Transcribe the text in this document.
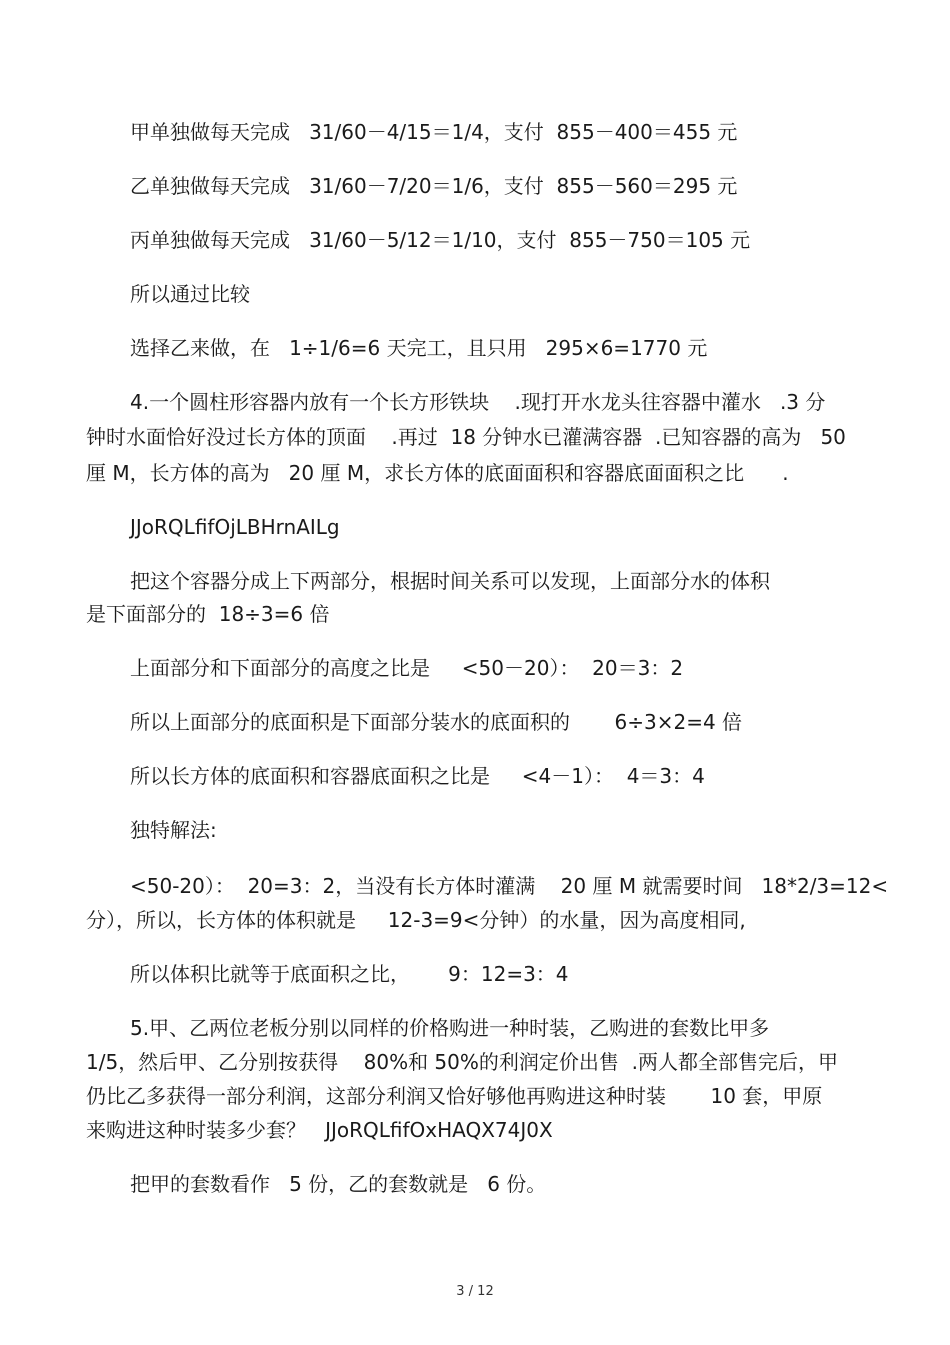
甲单独做每天完成   31/60－4/15＝1/4，支付  855－400＝455 元
乙单独做每天完成   31/60－7/20＝1/6，支付  855－560＝295 元
丙单独做每天完成   31/60－5/12＝1/10，支付  855－750＝105 元
所以通过比较
选择乙来做，在   1÷1/6=6 天完工，且只用   295×6=1770 元
4.一个圆柱形容器内放有一个长方形铁块    .现打开水龙头往容器中灌水   .3 分
钟时水面恰好没过长方体的顶面    .再过  18 分钟水已灌满容器  .已知容器的高为   50
厘 M，长方体的高为   20 厘 M，求长方体的底面面积和容器底面面积之比      .
JJoRQLfifOjLBHrnAILg
把这个容器分成上下两部分，根据时间关系可以发现，上面部分水的体积
是下面部分的  18÷3=6 倍
上面部分和下面部分的高度之比是     <50－20）：  20＝3：2
所以上面部分的底面积是下面部分装水的底面积的       6÷3×2=4 倍
所以长方体的底面积和容器底面积之比是     <4－1）：  4＝3：4
独特解法:
<50-20）：  20=3：2，当没有长方体时灌满    20 厘 M 就需要时间   18*2/3=12<
分），所以，长方体的体积就是     12-3=9<分钟）的水量，因为高度相同,
所以体积比就等于底面积之比，      9：12=3：4
5.甲、乙两位老板分别以同样的价格购进一种时装，乙购进的套数比甲多
1/5，然后甲、乙分别按获得    80%和 50%的利润定价出售  .两人都全部售完后，甲
仍比乙多获得一部分利润，这部分利润又恰好够他再购进这种时装       10 套，甲原
来购进这种时装多少套？   JJoRQLfifOxHAQX74J0X
把甲的套数看作   5 份，乙的套数就是   6 份。
3 / 12
